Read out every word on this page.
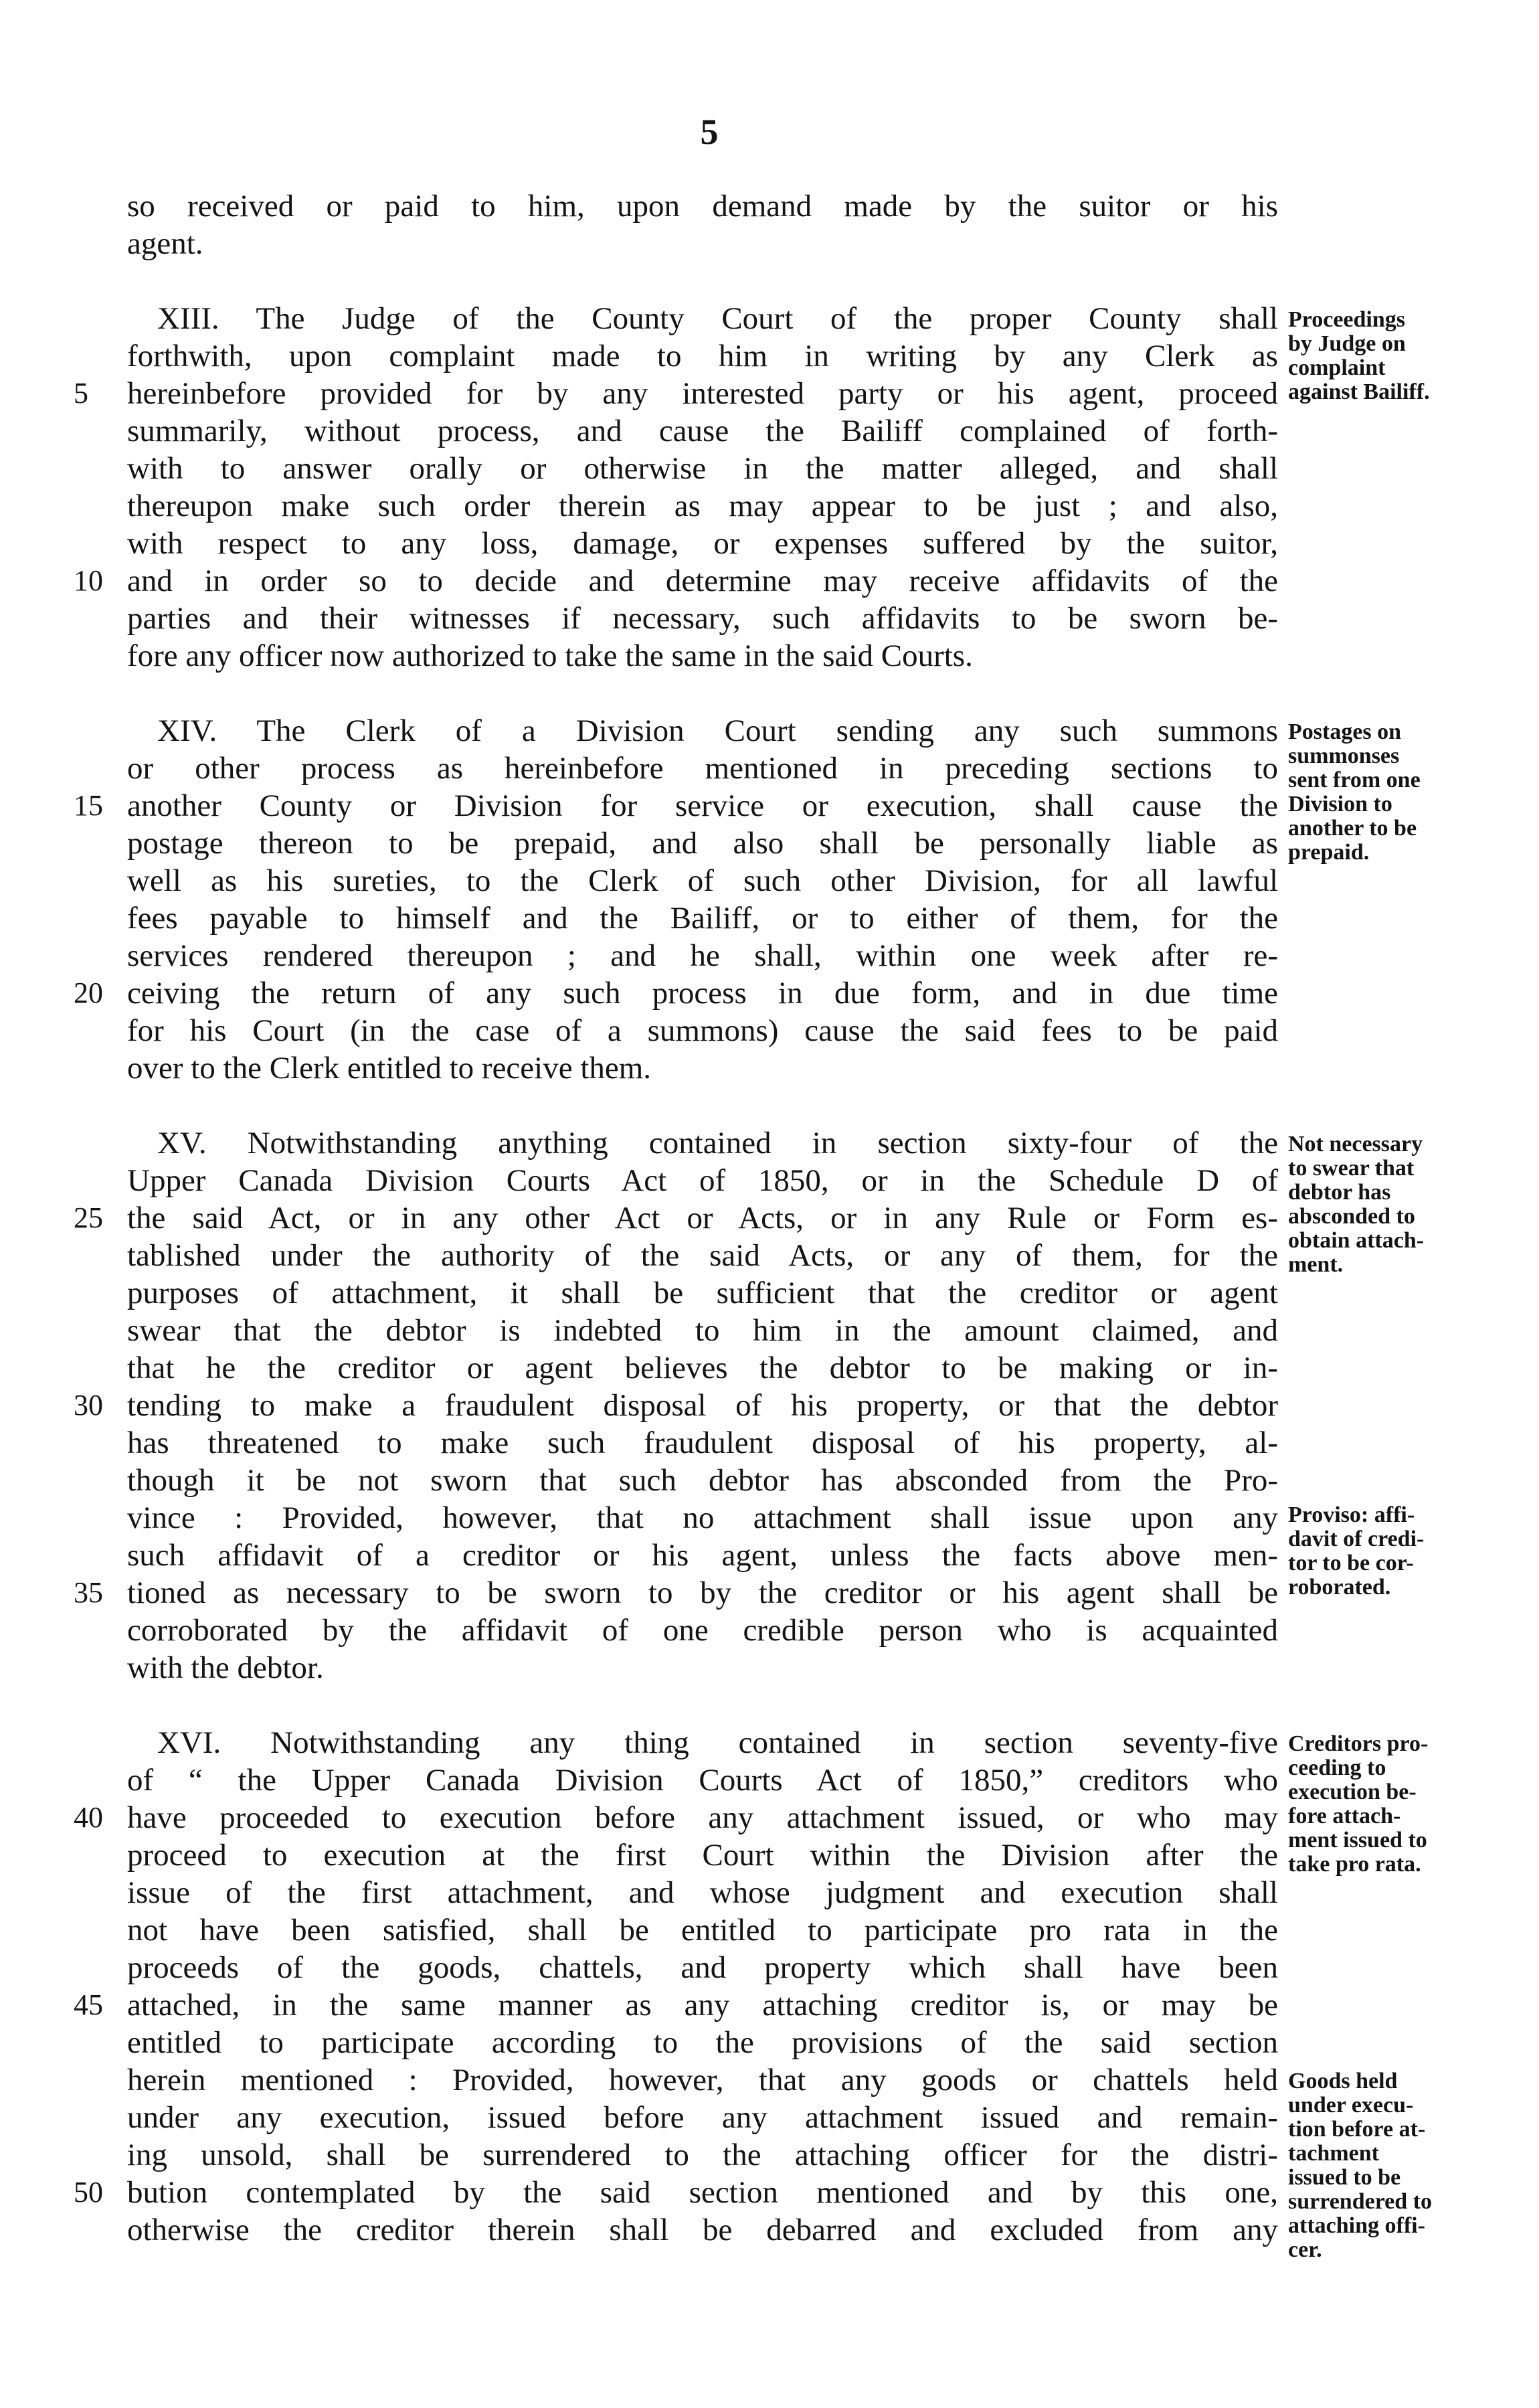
5
so received or paid to him, upon demand made by the suitor or his
agent.
XIII. The Judge of the County Court of the proper County shall
forthwith, upon complaint made to him in writing by any Clerk as
hereinbefore provided for by any interested party or his agent, proceed
summarily, without process, and cause the Bailiff complained of forth-
with to answer orally or otherwise in the matter alleged, and shall
thereupon make such order therein as may appear to be just ; and also,
with respect to any loss, damage, or expenses suffered by the suitor,
and in order so to decide and determine may receive affidavits of the
parties and their witnesses if necessary, such affidavits to be sworn be-
fore any officer now authorized to take the same in the said Courts.
XIV. The Clerk of a Division Court sending any such summons
or other process as hereinbefore mentioned in preceding sections to
another County or Division for service or execution, shall cause the
postage thereon to be prepaid, and also shall be personally liable as
well as his sureties, to the Clerk of such other Division, for all lawful
fees payable to himself and the Bailiff, or to either of them, for the
services rendered thereupon ; and he shall, within one week after re-
ceiving the return of any such process in due form, and in due time
for his Court (in the case of a summons) cause the said fees to be paid
over to the Clerk entitled to receive them.
XV. Notwithstanding anything contained in section sixty-four of the
Upper Canada Division Courts Act of 1850, or in the Schedule D of
the said Act, or in any other Act or Acts, or in any Rule or Form es-
tablished under the authority of the said Acts, or any of them, for the
purposes of attachment, it shall be sufficient that the creditor or agent
swear that the debtor is indebted to him in the amount claimed, and
that he the creditor or agent believes the debtor to be making or in-
tending to make a fraudulent disposal of his property, or that the debtor
has threatened to make such fraudulent disposal of his property, al-
though it be not sworn that such debtor has absconded from the Pro-
vince : Provided, however, that no attachment shall issue upon any
such affidavit of a creditor or his agent, unless the facts above men-
tioned as necessary to be sworn to by the creditor or his agent shall be
corroborated by the affidavit of one credible person who is acquainted
with the debtor.
XVI. Notwithstanding any thing contained in section seventy-five
of “ the Upper Canada Division Courts Act of 1850,” creditors who
have proceeded to execution before any attachment issued, or who may
proceed to execution at the first Court within the Division after the
issue of the first attachment, and whose judgment and execution shall
not have been satisfied, shall be entitled to participate pro rata in the
proceeds of the goods, chattels, and property which shall have been
attached, in the same manner as any attaching creditor is, or may be
entitled to participate according to the provisions of the said section
herein mentioned : Provided, however, that any goods or chattels held
under any execution, issued before any attachment issued and remain-
ing unsold, shall be surrendered to the attaching officer for the distri-
bution contemplated by the said section mentioned and by this one,
otherwise the creditor therein shall be debarred and excluded from any
5
10
15
20
25
30
35
40
45
50
Proceedings
by Judge on
complaint
against Bailiff.
Postages on
summonses
sent from one
Division to
another to be
prepaid.
Not necessary
to swear that
debtor has
absconded to
obtain attach-
ment.
Proviso: affi-
davit of credi-
tor to be cor-
roborated.
Creditors pro-
ceeding to
execution be-
fore attach-
ment issued to
take pro rata.
Goods held
under execu-
tion before at-
tachment
issued to be
surrendered to
attaching offi-
cer.
